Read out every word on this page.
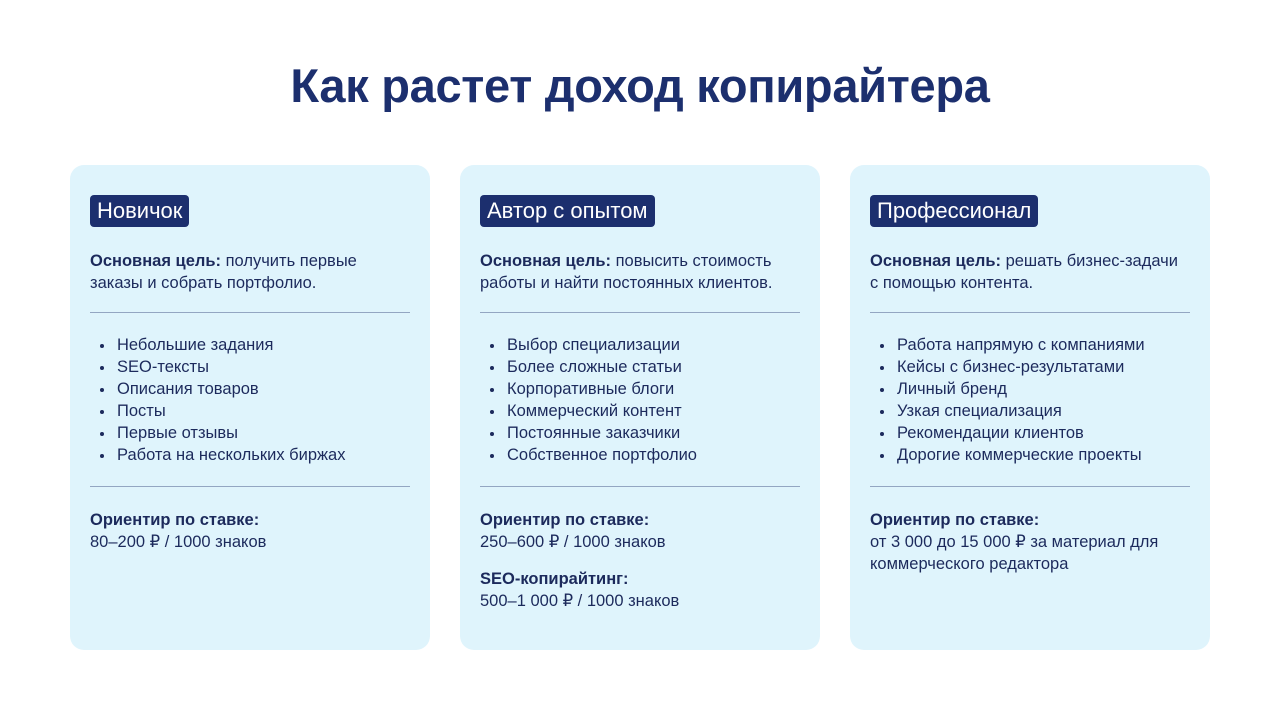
Как растет доход копирайтера
Новичок
Основная цель: получить первые заказы и собрать портфолио.
Небольшие задания
SEO-тексты
Описания товаров
Посты
Первые отзывы
Работа на нескольких биржах
Ориентир по ставке:
80–200 ₽ / 1000 знаков
Автор с опытом
Основная цель: повысить стоимость работы и найти постоянных клиентов.
Выбор специализации
Более сложные статьи
Корпоративные блоги
Коммерческий контент
Постоянные заказчики
Собственное портфолио
Ориентир по ставке:
250–600 ₽ / 1000 знаков
SEO-копирайтинг:
500–1 000 ₽ / 1000 знаков
Профессионал
Основная цель: решать бизнес-задачи с помощью контента.
Работа напрямую с компаниями
Кейсы с бизнес-результатами
Личный бренд
Узкая специализация
Рекомендации клиентов
Дорогие коммерческие проекты
Ориентир по ставке:
от 3 000 до 15 000 ₽ за материал для коммерческого редактора
